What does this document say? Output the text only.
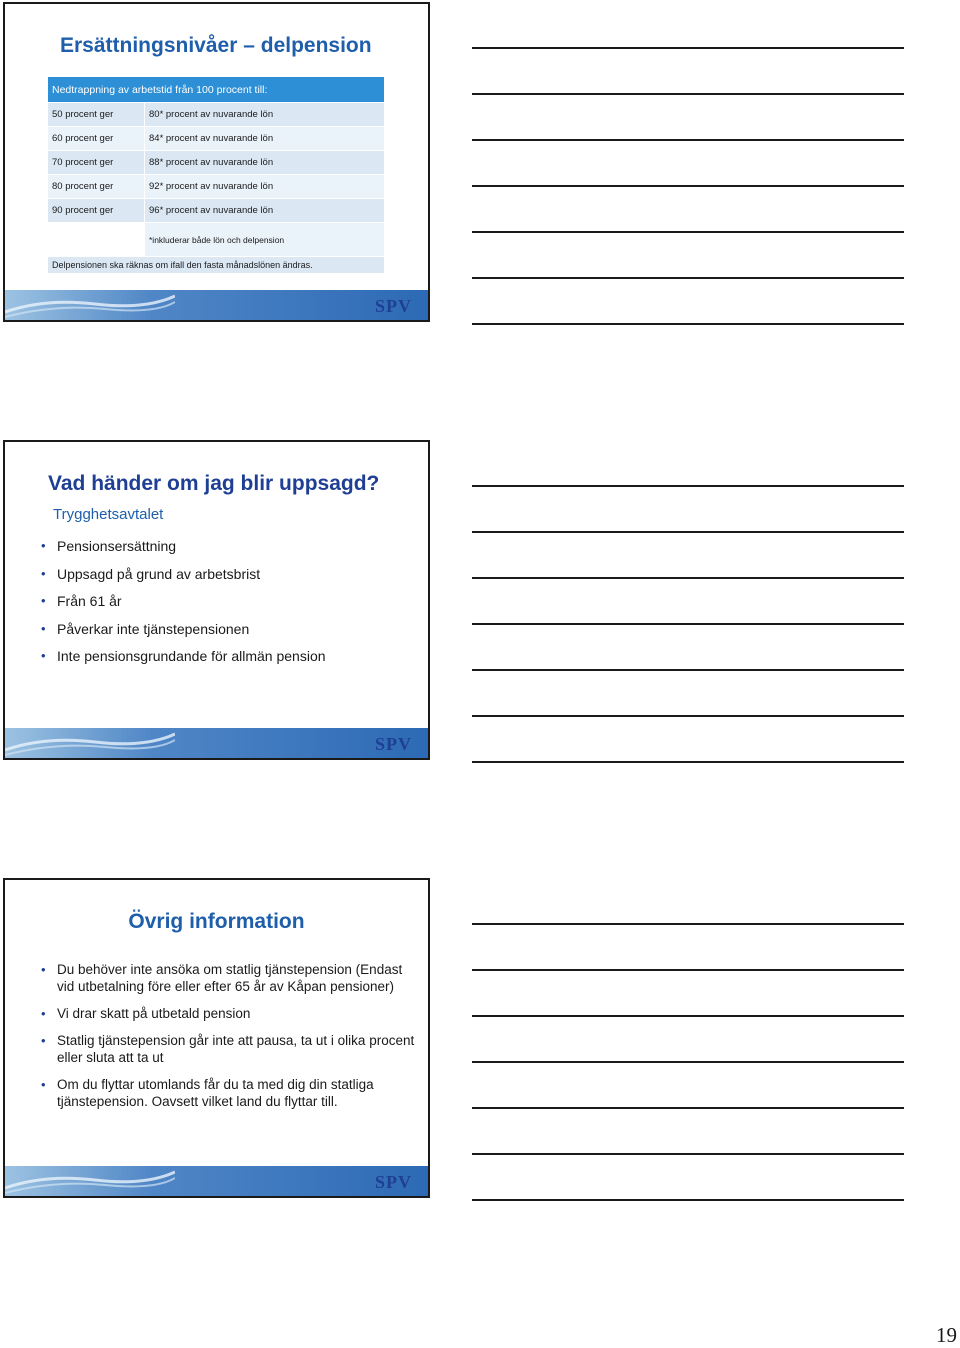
Ersättningsnivåer – delpension
Nedtrappning av arbetstid från 100 procent till:	
50 procent ger	80* procent av nuvarande lön
60 procent ger	84* procent av nuvarande lön
70 procent ger	88* procent av nuvarande lön
80 procent ger	92* procent av nuvarande lön
90 procent ger	96* procent av nuvarande lön
	*inkluderar både lön och delpension
Delpensionen ska räknas om ifall den fasta månadslönen ändras.	
SPV
Vad händer om jag blir uppsagd?
Trygghetsavtalet
• Pensionsersättning
• Uppsagd på grund av arbetsbrist
• Från 61 år
• Påverkar inte tjänstepensionen
• Inte pensionsgrundande för allmän pension
SPV
Övrig information
• Du behöver inte ansöka om statlig tjänstepension (Endast vid utbetalning före eller efter 65 år av Kåpan pensioner)
• Vi drar skatt på utbetald pension
• Statlig tjänstepension går inte att pausa, ta ut i olika procent eller sluta att ta ut
• Om du flyttar utomlands får du ta med dig din statliga tjänstepension. Oavsett vilket land du flyttar till.
SPV
19
